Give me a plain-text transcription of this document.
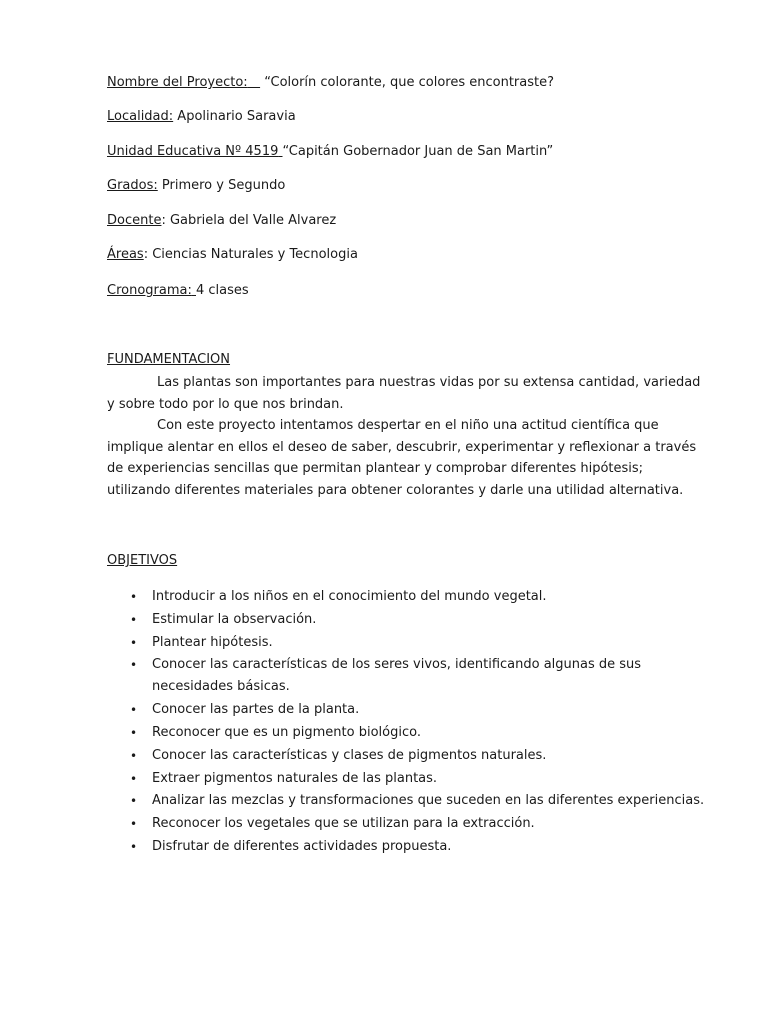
Nombre del Proyecto: “Colorín colorante, que colores encontraste?
Localidad: Apolinario Saravia
Unidad Educativa Nº 4519 “Capitán Gobernador Juan de San Martin”
Grados: Primero y Segundo
Docente: Gabriela del Valle Alvarez
Áreas: Ciencias Naturales y Tecnologia
Cronograma: 4 clases
FUNDAMENTACION
Las plantas son importantes para nuestras vidas por su extensa cantidad, variedad y sobre todo por lo que nos brindan.
Con este proyecto intentamos despertar en el niño una actitud científica que implique alentar en ellos el deseo de saber, descubrir, experimentar y reflexionar a través de experiencias sencillas que permitan plantear y comprobar diferentes hipótesis; utilizando diferentes materiales para obtener colorantes y darle una utilidad alternativa.
OBJETIVOS
• Introducir a los niños en el conocimiento del mundo vegetal.
• Estimular la observación.
• Plantear hipótesis.
• Conocer las características de los seres vivos, identificando algunas de sus necesidades básicas.
• Conocer las partes de la planta.
• Reconocer que es un pigmento biológico.
• Conocer las características y clases de pigmentos naturales.
• Extraer pigmentos naturales de las plantas.
• Analizar las mezclas y transformaciones que suceden en las diferentes experiencias.
• Reconocer los vegetales que se utilizan para la extracción.
• Disfrutar de diferentes actividades propuesta.
